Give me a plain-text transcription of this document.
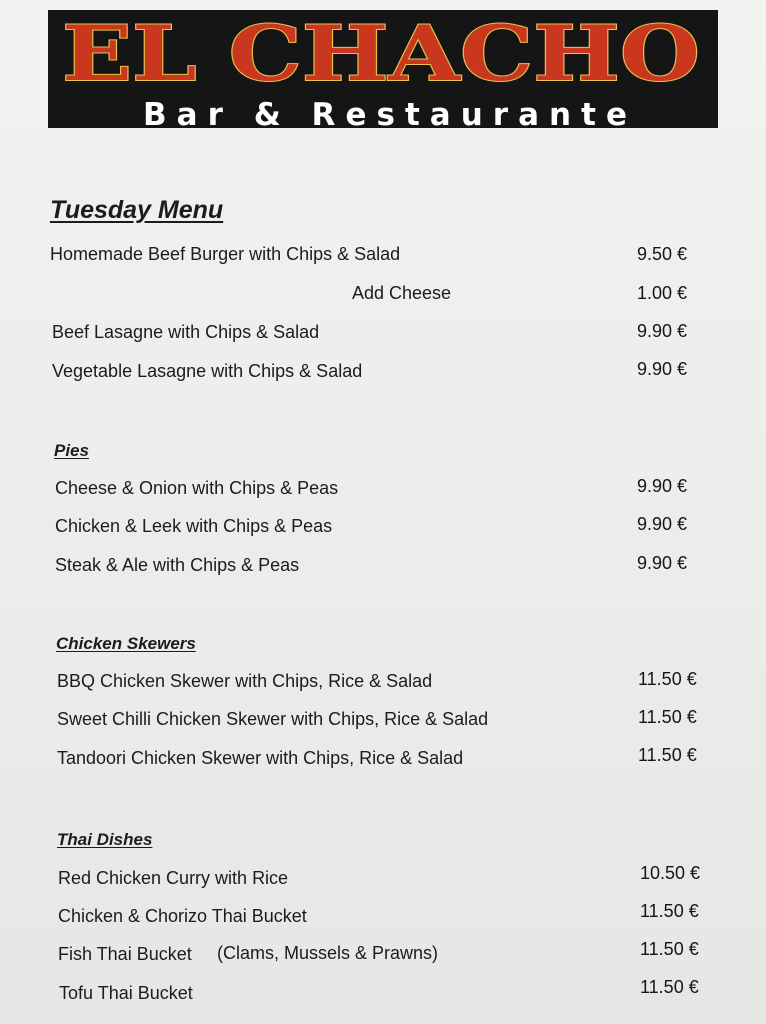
EL CHACHO
Bar & Restaurante
Tuesday Menu
Homemade Beef Burger with Chips & Salad	9.50 €
Add Cheese	1.00 €
Beef Lasagne with Chips & Salad	9.90 €
Vegetable Lasagne with Chips & Salad	9.90 €
Pies
Cheese & Onion with Chips & Peas	9.90 €
Chicken & Leek with Chips & Peas	9.90 €
Steak & Ale with Chips & Peas	9.90 €
Chicken Skewers
BBQ Chicken Skewer with Chips, Rice & Salad	11.50 €
Sweet Chilli Chicken Skewer with Chips, Rice & Salad	11.50 €
Tandoori Chicken Skewer with Chips, Rice & Salad	11.50 €
Thai Dishes
Red Chicken Curry with Rice	10.50 €
Chicken & Chorizo Thai Bucket	11.50 €
Fish Thai Bucket (Clams, Mussels & Prawns)	11.50 €
Tofu Thai Bucket	11.50 €
